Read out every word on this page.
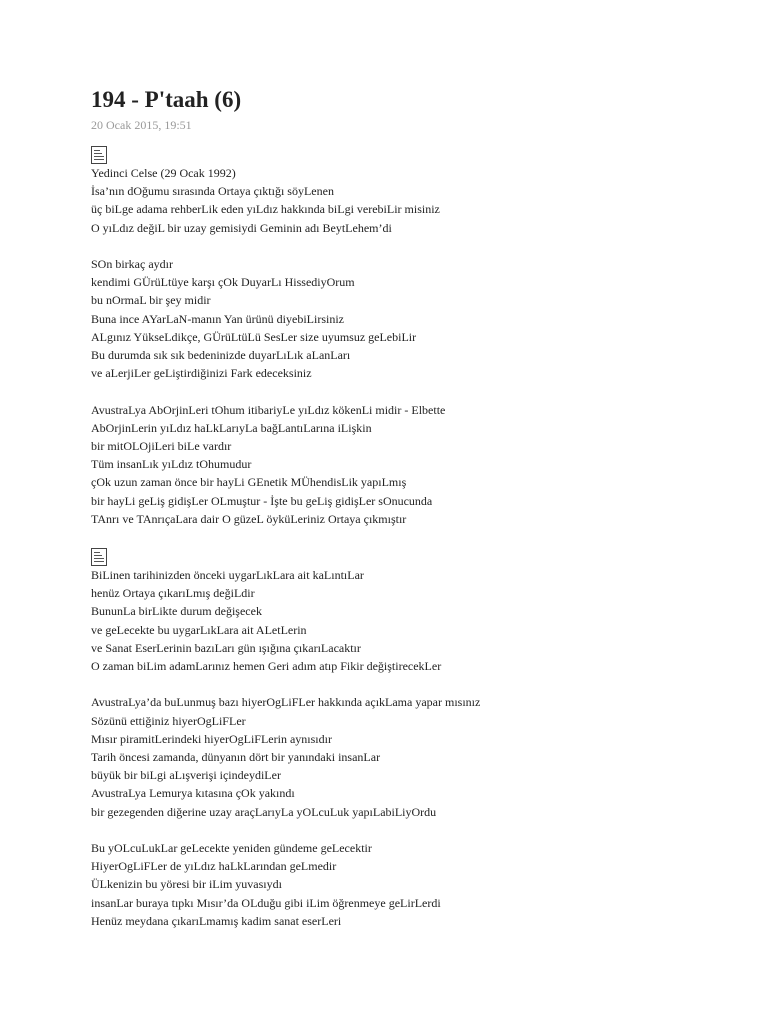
194 - P'taah (6)
20 Ocak 2015, 19:51
Yedinci Celse (29 Ocak 1992)
İsa’nın dOğumu sırasında Ortaya çıktığı söyLenen
üç biLge adama rehberLik eden yıLdız hakkında biLgi verebiLir misiniz
O yıLdız değiL bir uzay gemisiydi Geminin adı BeytLehem’di
SOn birkaç aydır
kendimi GÜrüLtüye karşı çOk DuyarLı HissediyOrum
bu nOrmaL bir şey midir
Buna ince AYarLaN-manın Yan ürünü diyebiLirsiniz
ALgınız YükseLdikçe, GÜrüLtüLü SesLer size uyumsuz geLebiLir
Bu durumda sık sık bedeninizde duyarLıLık aLanLarı
ve aLerjiLer geLiştirdiğinizi Fark edeceksiniz
AvustraLya AbOrjinLeri tOhum itibariyLe yıLdız kökenLi midir - Elbette
AbOrjinLerin yıLdız haLkLarıyLa bağLantıLarına iLişkin
bir mitOLOjiLeri biLe vardır
Tüm insanLık yıLdız tOhumudur
çOk uzun zaman önce bir hayLi GEnetik MÜhendisLik yapıLmış
bir hayLi geLiş gidişLer OLmuştur - İşte bu geLiş gidişLer sOnucunda
TAnrı ve TAnrıçaLara dair O güzeL öyküLeriniz Ortaya çıkmıştır
BiLinen tarihinizden önceki uygarLıkLara ait kaLıntıLar
henüz Ortaya çıkarıLmış değiLdir
BununLa birLikte durum değişecek
ve geLecekte bu uygarLıkLara ait ALetLerin
ve Sanat EserLerinin bazıLarı gün ışığına çıkarıLacaktır
O zaman biLim adamLarınız hemen Geri adım atıp Fikir değiştirecekLer
AvustraLya’da buLunmuş bazı hiyerOgLiFLer hakkında açıkLama yapar mısınız
Sözünü ettiğiniz hiyerOgLiFLer
Mısır piramitLerindeki hiyerOgLiFLerin aynısıdır
Tarih öncesi zamanda, dünyanın dört bir yanındaki insanLar
büyük bir biLgi aLışverişi içindeydiLer
AvustraLya Lemurya kıtasına çOk yakındı
bir gezegenden diğerine uzay araçLarıyLa yOLcuLuk yapıLabiLiyOrdu
Bu yOLcuLukLar geLecekte yeniden gündeme geLecektir
HiyerOgLiFLer de yıLdız haLkLarından geLmedir
ÜLkenizin bu yöresi bir iLim yuvasıydı
insanLar buraya tıpkı Mısır’da OLduğu gibi iLim öğrenmeye geLirLerdi
Henüz meydana çıkarıLmamış kadim sanat eserLeri
